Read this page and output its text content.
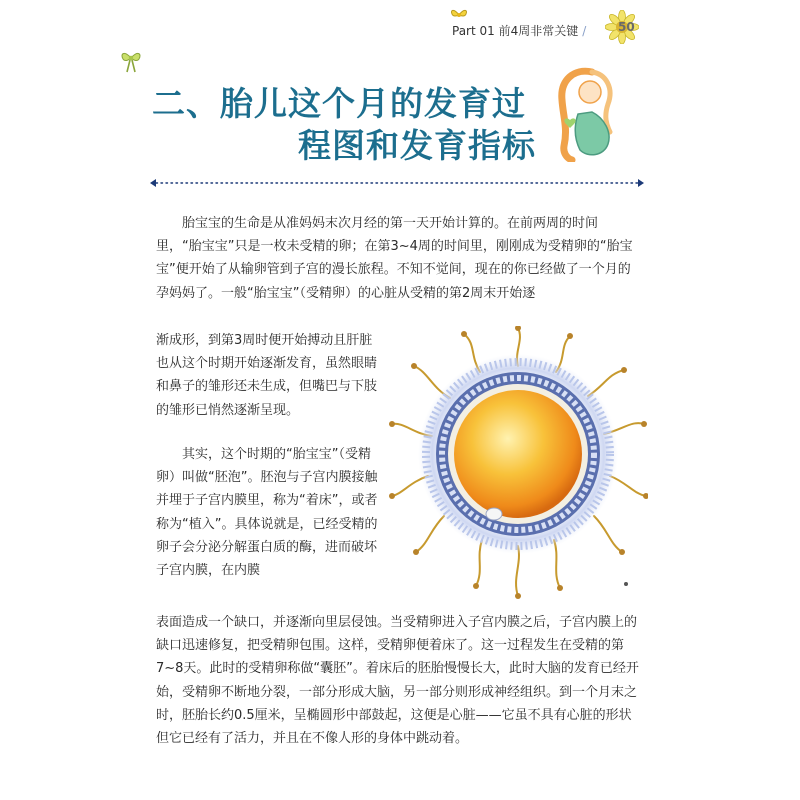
Part 01 前4周非常关键 /	50
二、胎儿这个月的发育过
程图和发育指标

胎宝宝的生命是从准妈妈末次月经的第一天开始计算的。在前两周的时间里，“胎宝宝”只是一枚未受精的卵；在第3~4周的时间里，刚刚成为受精卵的“胎宝宝”便开始了从输卵管到子宫的漫长旅程。不知不觉间，现在的你已经做了一个月的孕妈妈了。一般“胎宝宝”（受精卵）的心脏从受精的第2周末开始逐

渐成形，到第3周时便开始搏动且肝脏也从这个时期开始逐渐发育，虽然眼睛和鼻子的雏形还未生成，但嘴巴与下肢的雏形已悄然逐渐呈现。

其实，这个时期的“胎宝宝”（受精卵）叫做“胚泡”。胚泡与子宫内膜接触并埋于子宫内膜里，称为“着床”，或者称为“植入”。具体说就是，已经受精的卵子会分泌分解蛋白质的酶，进而破坏子宫内膜，在内膜

表面造成一个缺口，并逐渐向里层侵蚀。当受精卵进入子宫内膜之后，子宫内膜上的缺口迅速修复，把受精卵包围。这样，受精卵便着床了。这一过程发生在受精的第7~8天。此时的受精卵称做“囊胚”。着床后的胚胎慢慢长大，此时大脑的发育已经开始，受精卵不断地分裂，一部分形成大脑，另一部分则形成神经组织。到一个月末之时，胚胎长约0.5厘米，呈椭圆形中部鼓起，这便是心脏——它虽不具有心脏的形状但它已经有了活力，并且在不像人形的身体中跳动着。
